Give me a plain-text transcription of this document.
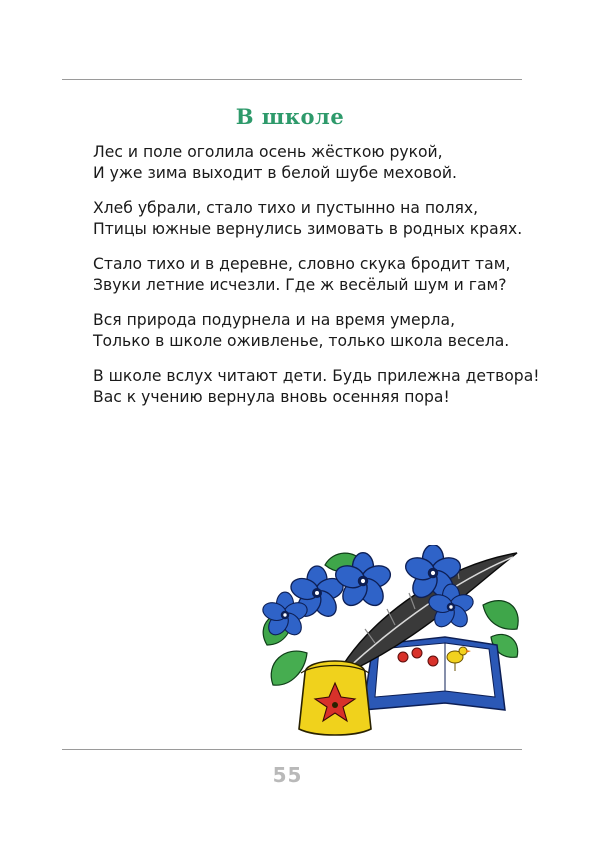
В школе
Лес и поле оголила осень жёсткою рукой,
И уже зима выходит в белой шубе меховой.
Хлеб убрали, стало тихо и пустынно на полях,
Птицы южные вернулись зимовать в родных краях.
Стало тихо и в деревне, словно скука бродит там,
Звуки летние исчезли. Где ж весёлый шум и гам?
Вся природа подурнела и на время умерла,
Только в школе оживленье, только школа весела.
В школе вслух читают дети. Будь прилежна детвора!
Вас к учению вернула вновь осенняя пора!
55
